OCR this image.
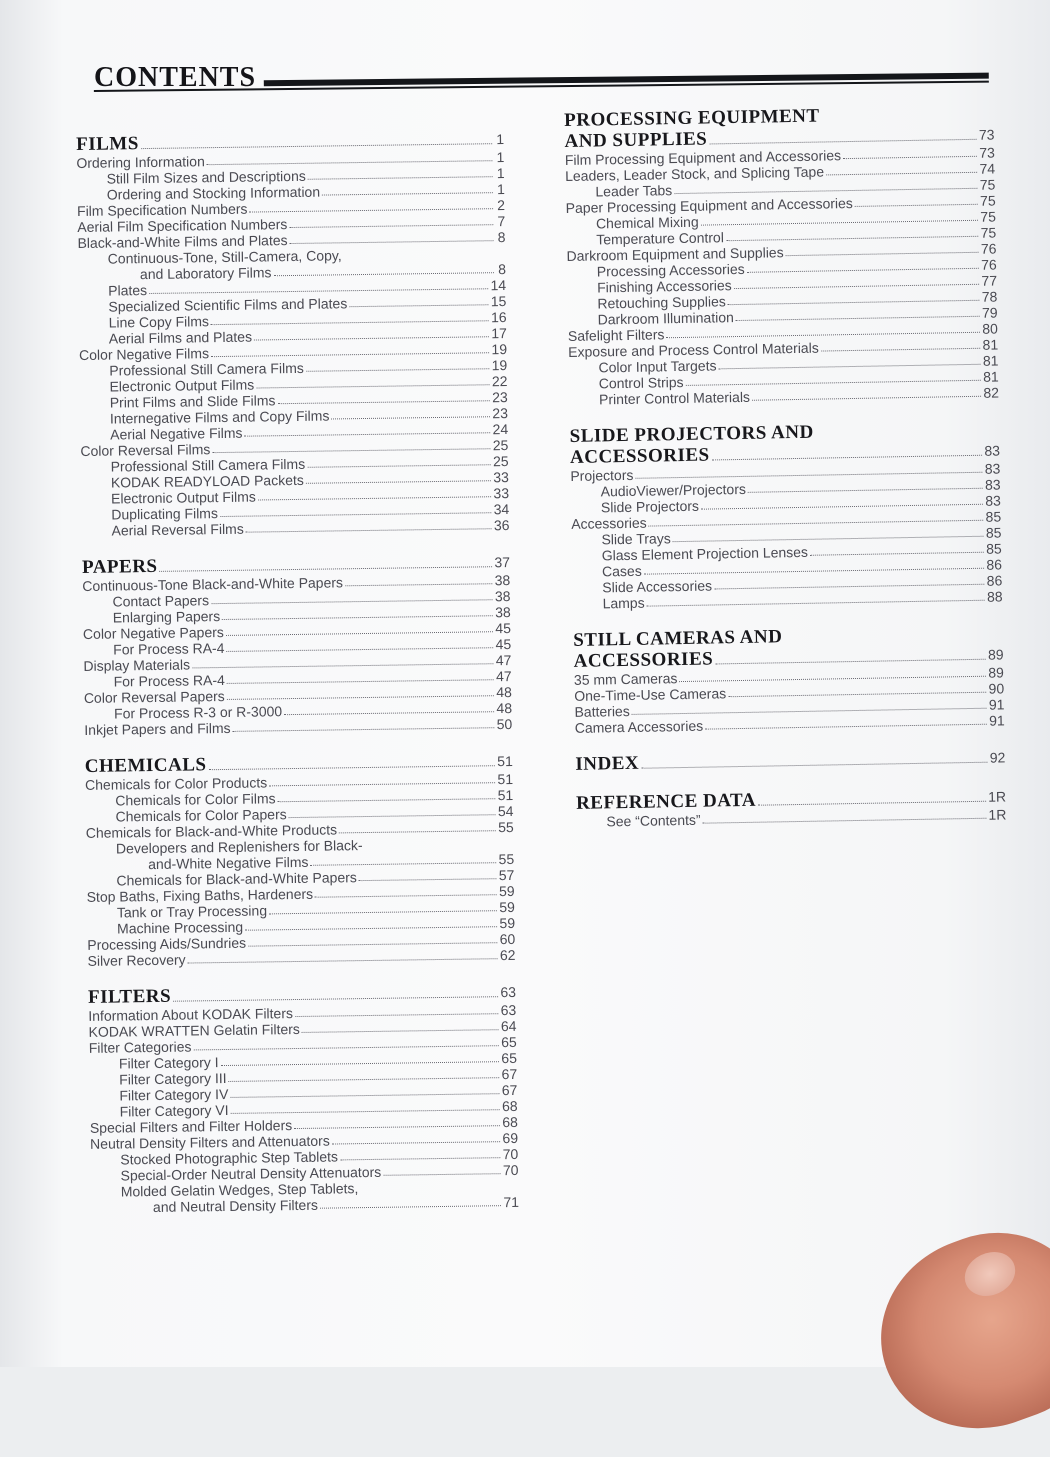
CONTENTS
FILMS	1
Ordering Information	1
Still Film Sizes and Descriptions	1
Ordering and Stocking Information	1
Film Specification Numbers	2
Aerial Film Specification Numbers	7
Black-and-White Films and Plates	8
Continuous-Tone, Still-Camera, Copy,
and Laboratory Films	8
Plates	14
Specialized Scientific Films and Plates	15
Line Copy Films	16
Aerial Films and Plates	17
Color Negative Films	19
Professional Still Camera Films	19
Electronic Output Films	22
Print Films and Slide Films	23
Internegative Films and Copy Films	23
Aerial Negative Films	24
Color Reversal Films	25
Professional Still Camera Films	25
KODAK READYLOAD Packets	33
Electronic Output Films	33
Duplicating Films	34
Aerial Reversal Films	36
PAPERS	37
Continuous-Tone Black-and-White Papers	38
Contact Papers	38
Enlarging Papers	38
Color Negative Papers	45
For Process RA-4	45
Display Materials	47
For Process RA-4	47
Color Reversal Papers	48
For Process R-3 or R-3000	48
Inkjet Papers and Films	50
CHEMICALS	51
Chemicals for Color Products	51
Chemicals for Color Films	51
Chemicals for Color Papers	54
Chemicals for Black-and-White Products	55
Developers and Replenishers for Black-
and-White Negative Films	55
Chemicals for Black-and-White Papers	57
Stop Baths, Fixing Baths, Hardeners	59
Tank or Tray Processing	59
Machine Processing	59
Processing Aids/Sundries	60
Silver Recovery	62
FILTERS	63
Information About KODAK Filters	63
KODAK WRATTEN Gelatin Filters	64
Filter Categories	65
Filter Category I	65
Filter Category III	67
Filter Category IV	67
Filter Category VI	68
Special Filters and Filter Holders	68
Neutral Density Filters and Attenuators	69
Stocked Photographic Step Tablets	70
Special-Order Neutral Density Attenuators	70
Molded Gelatin Wedges, Step Tablets,
and Neutral Density Filters	71
PROCESSING EQUIPMENT
AND SUPPLIES	73
Film Processing Equipment and Accessories	73
Leaders, Leader Stock, and Splicing Tape	74
Leader Tabs	75
Paper Processing Equipment and Accessories	75
Chemical Mixing	75
Temperature Control	75
Darkroom Equipment and Supplies	76
Processing Accessories	76
Finishing Accessories	77
Retouching Supplies	78
Darkroom Illumination	79
Safelight Filters	80
Exposure and Process Control Materials	81
Color Input Targets	81
Control Strips	81
Printer Control Materials	82
SLIDE PROJECTORS AND
ACCESSORIES	83
Projectors	83
AudioViewer/Projectors	83
Slide Projectors	83
Accessories	85
Slide Trays	85
Glass Element Projection Lenses	85
Cases	86
Slide Accessories	86
Lamps	88
STILL CAMERAS AND
ACCESSORIES	89
35 mm Cameras	89
One-Time-Use Cameras	90
Batteries	91
Camera Accessories	91
INDEX	92
REFERENCE DATA	1R
See “Contents”	1R
